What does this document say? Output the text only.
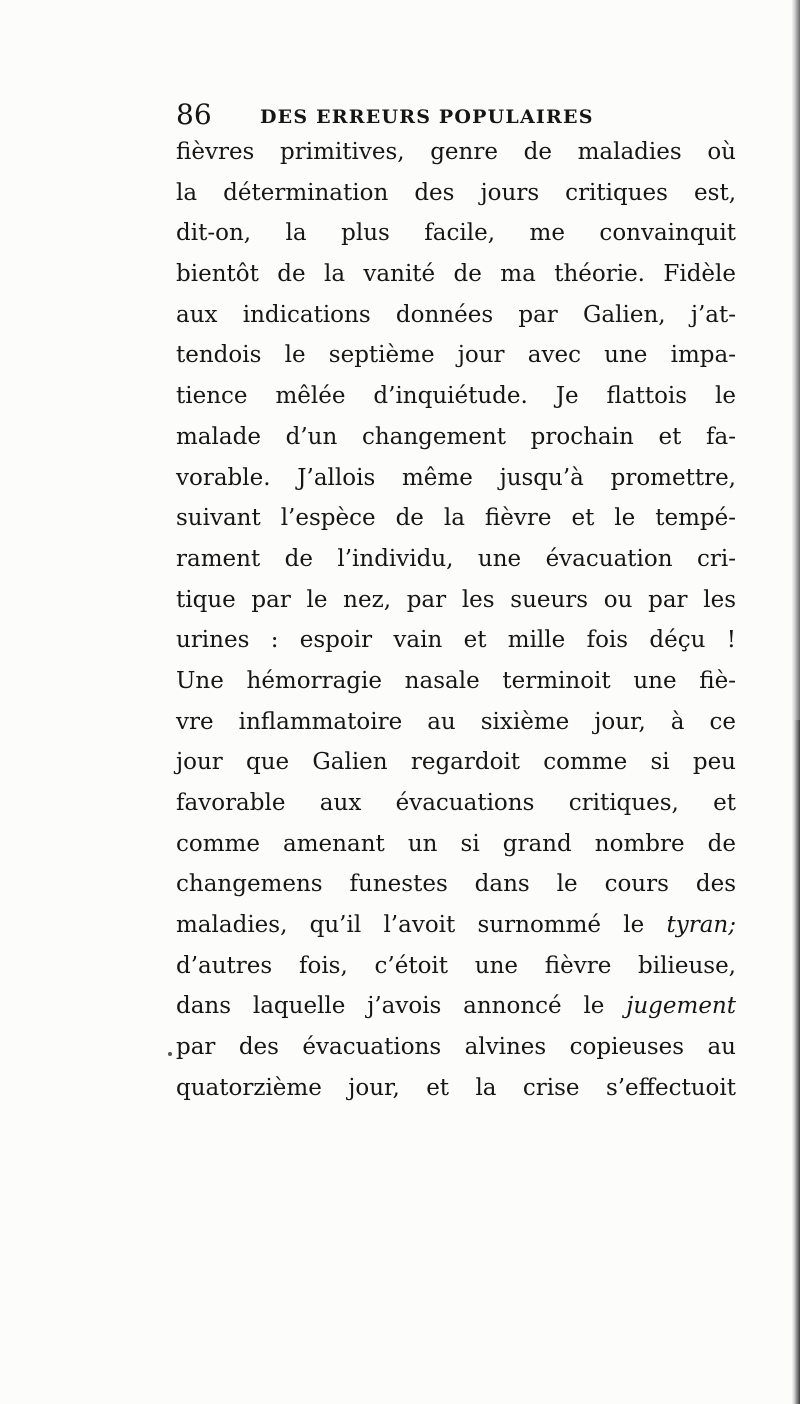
86	DES ERREURS POPULAIRES
fièvres primitives, genre de maladies où
la détermination des jours critiques est,
dit-on, la plus facile, me convainquit
bientôt de la vanité de ma théorie. Fidèle
aux indications données par Galien, j’at-
tendois le septième jour avec une impa-
tience mêlée d’inquiétude. Je flattois le
malade d’un changement prochain et fa-
vorable. J’allois même jusqu’à promettre,
suivant l’espèce de la fièvre et le tempé-
rament de l’individu, une évacuation cri-
tique par le nez, par les sueurs ou par les
urines : espoir vain et mille fois déçu !
Une hémorragie nasale terminoit une fiè-
vre inflammatoire au sixième jour, à ce
jour que Galien regardoit comme si peu
favorable aux évacuations critiques, et
comme amenant un si grand nombre de
changemens funestes dans le cours des
maladies, qu’il l’avoit surnommé le tyran;
d’autres fois, c’étoit une fièvre bilieuse,
dans laquelle j’avois annoncé le jugement
par des évacuations alvines copieuses au
quatorzième jour, et la crise s’effectuoit
